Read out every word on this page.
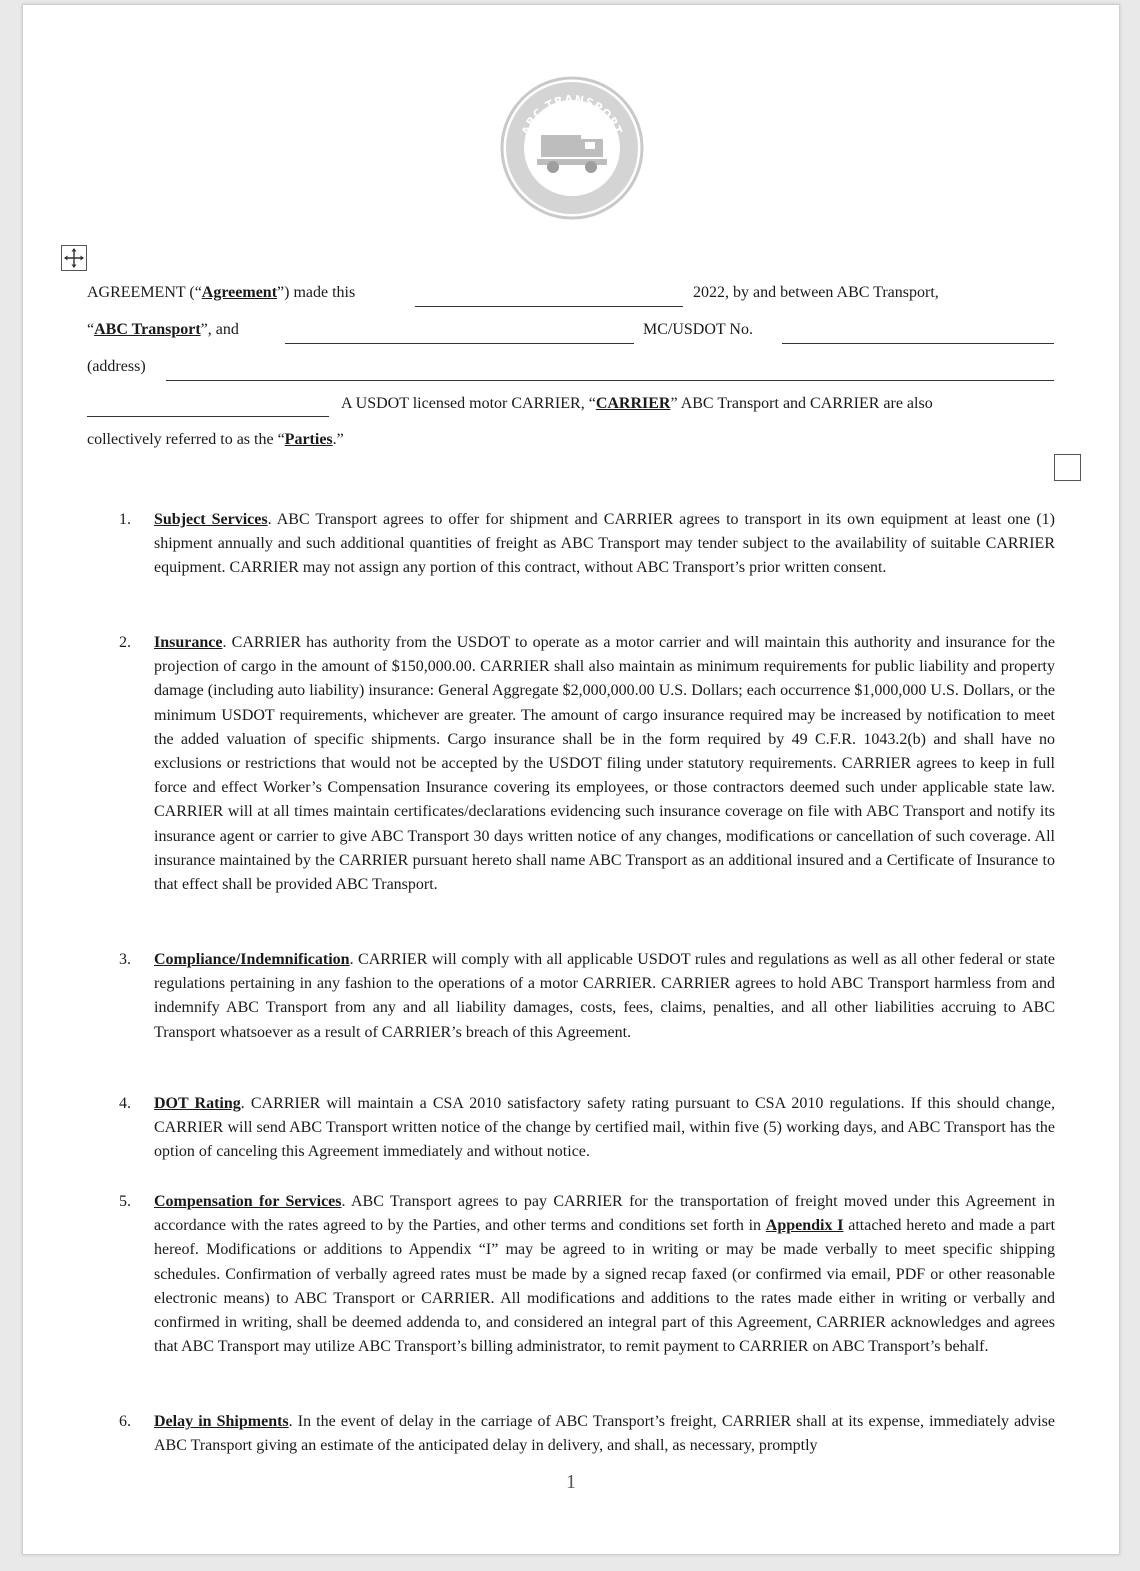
ABC TRANSPORT
AGREEMENT (“Agreement”) made this	2022, by and between ABC Transport,
“ABC Transport”, and	MC/USDOT No.
(address)
A USDOT licensed motor CARRIER, “CARRIER” ABC Transport and CARRIER are also
collectively referred to as the “Parties.”
1. Subject Services. ABC Transport agrees to offer for shipment and CARRIER agrees to transport in its own equipment at least one (1) shipment annually and such additional quantities of freight as ABC Transport may tender subject to the availability of suitable CARRIER equipment. CARRIER may not assign any portion of this contract, without ABC Transport’s prior written consent.
2. Insurance. CARRIER has authority from the USDOT to operate as a motor carrier and will maintain this authority and insurance for the projection of cargo in the amount of $150,000.00. CARRIER shall also maintain as minimum requirements for public liability and property damage (including auto liability) insurance: General Aggregate $2,000,000.00 U.S. Dollars; each occurrence $1,000,000 U.S. Dollars, or the minimum USDOT requirements, whichever are greater. The amount of cargo insurance required may be increased by notification to meet the added valuation of specific shipments. Cargo insurance shall be in the form required by 49 C.F.R. 1043.2(b) and shall have no exclusions or restrictions that would not be accepted by the USDOT filing under statutory requirements. CARRIER agrees to keep in full force and effect Worker’s Compensation Insurance covering its employees, or those contractors deemed such under applicable state law. CARRIER will at all times maintain certificates/declarations evidencing such insurance coverage on file with ABC Transport and notify its insurance agent or carrier to give ABC Transport 30 days written notice of any changes, modifications or cancellation of such coverage. All insurance maintained by the CARRIER pursuant hereto shall name ABC Transport as an additional insured and a Certificate of Insurance to that effect shall be provided ABC Transport.
3. Compliance/Indemnification. CARRIER will comply with all applicable USDOT rules and regulations as well as all other federal or state regulations pertaining in any fashion to the operations of a motor CARRIER. CARRIER agrees to hold ABC Transport harmless from and indemnify ABC Transport from any and all liability damages, costs, fees, claims, penalties, and all other liabilities accruing to ABC Transport whatsoever as a result of CARRIER’s breach of this Agreement.
4. DOT Rating. CARRIER will maintain a CSA 2010 satisfactory safety rating pursuant to CSA 2010 regulations. If this should change, CARRIER will send ABC Transport written notice of the change by certified mail, within five (5) working days, and ABC Transport has the option of canceling this Agreement immediately and without notice.
5. Compensation for Services. ABC Transport agrees to pay CARRIER for the transportation of freight moved under this Agreement in accordance with the rates agreed to by the Parties, and other terms and conditions set forth in Appendix I attached hereto and made a part hereof. Modifications or additions to Appendix “I” may be agreed to in writing or may be made verbally to meet specific shipping schedules. Confirmation of verbally agreed rates must be made by a signed recap faxed (or confirmed via email, PDF or other reasonable electronic means) to ABC Transport or CARRIER. All modifications and additions to the rates made either in writing or verbally and confirmed in writing, shall be deemed addenda to, and considered an integral part of this Agreement, CARRIER acknowledges and agrees that ABC Transport may utilize ABC Transport’s billing administrator, to remit payment to CARRIER on ABC Transport’s behalf.
6. Delay in Shipments. In the event of delay in the carriage of ABC Transport’s freight, CARRIER shall at its expense, immediately advise ABC Transport giving an estimate of the anticipated delay in delivery, and shall, as necessary, promptly
1
